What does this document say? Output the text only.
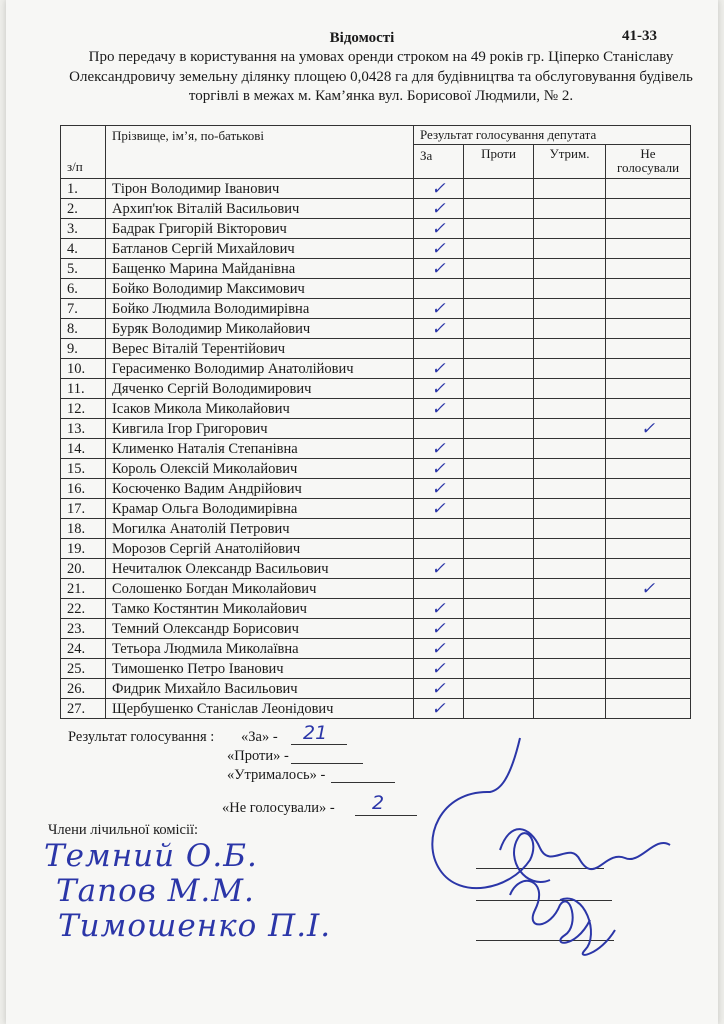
Відомості	41-33
Про передачу в користування на умовах оренди строком на 49 років гр. Ціперко Станіславу Олександровичу земельну ділянку площею 0,0428 га для будівництва та обслуговування будівель торгівлі в межах м. Кам’янка вул. Борисової Людмили, № 2.
з/п	Прізвище, ім’я, по-батькові	Результат голосування депутата			
		За	Проти	Утрим.	Не голосували
1.	Тірон Володимир Іванович	✓			
2.	Архип'юк Віталій Васильович	✓			
3.	Бадрак Григорій Вікторович	✓			
4.	Батланов Сергій Михайлович	✓			
5.	Бащенко Марина Майданівна	✓			
6.	Бойко Володимир Максимович				
7.	Бойко Людмила Володимирівна	✓			
8.	Буряк Володимир Миколайович	✓			
9.	Верес Віталій Терентійович				
10.	Герасименко Володимир Анатолійович	✓			
11.	Дяченко Сергій Володимирович	✓			
12.	Ісаков Микола Миколайович	✓			
13.	Кивгила Ігор Григорович				✓
14.	Клименко Наталія Степанівна	✓			
15.	Король Олексій Миколайович	✓			
16.	Косюченко Вадим Андрійович	✓			
17.	Крамар Ольга Володимирівна	✓			
18.	Могилка Анатолій Петрович				
19.	Морозов Сергій Анатолійович				
20.	Нечиталюк Олександр Васильович	✓			
21.	Солошенко Богдан Миколайович				✓
22.	Тамко Костянтин Миколайович	✓			
23.	Темний Олександр Борисович	✓			
24.	Тетьора Людмила Миколаївна	✓			
25.	Тимошенко Петро Іванович	✓			
26.	Фидрик Михайло Васильович	✓			
27.	Щербушенко Станіслав Леонідович	✓			
Результат голосування : «За» - 21
«Проти» -
«Утрималось» -
«Не голосували» - 2
Члени лічильної комісії:
Темний О.Б.
Тапов М.М.
Тимошенко П.І.
